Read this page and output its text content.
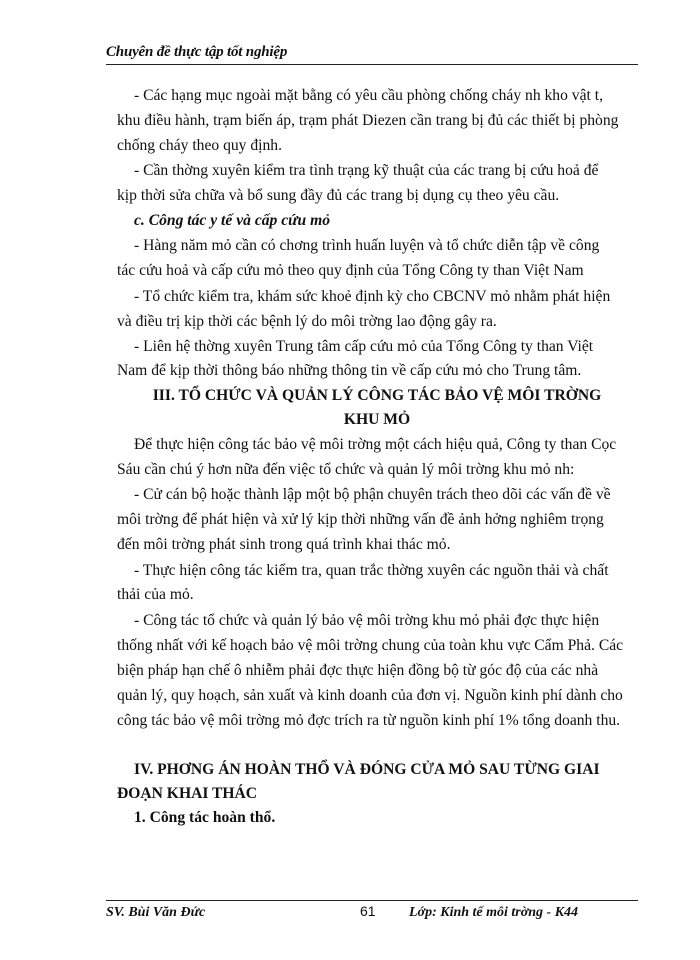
Chuyên đề thực tập tốt nghiệp
- Các hạng mục ngoài mặt bằng có yêu cầu phòng chống cháy nh kho vật t,
khu điều hành, trạm biến áp, trạm phát Diezen cần trang bị đủ các thiết bị phòng
chống cháy theo quy định.
- Cần thờng xuyên kiểm tra tình trạng kỹ thuật của các trang bị cứu hoả để
kịp thời sửa chữa và bổ sung đầy đủ các trang bị dụng cụ theo yêu cầu.
c. Công tác y tế và cấp cứu mỏ
- Hàng năm mỏ cần có chơng trình huấn luyện và tổ chức diễn tập về công
tác cứu hoả và cấp cứu mỏ theo quy định của Tổng Công ty than Việt Nam
- Tổ chức kiểm tra, khám sức khoẻ định kỳ cho CBCNV mỏ nhằm phát hiện
và điều trị kịp thời các bệnh lý do môi trờng lao động gây ra.
- Liên hệ thờng xuyên Trung tâm cấp cứu mỏ của Tổng Công ty than Việt
Nam để kịp thời thông báo những thông tin về cấp cứu mỏ cho Trung tâm.
III. TỔ CHỨC VÀ QUẢN LÝ CÔNG TÁC BẢO VỆ MÔI TRỜNG
KHU MỎ
Để thực hiện công tác bảo vệ môi trờng một cách hiệu quả, Công ty than Cọc
Sáu cần chú ý hơn nữa đến việc tổ chức và quản lý môi trờng khu mỏ nh:
- Cử cán bộ hoặc thành lập một bộ phận chuyên trách theo dõi các vấn đề về
môi trờng để phát hiện và xử lý kịp thời những vấn đề ảnh hởng nghiêm trọng
đến môi trờng phát sinh trong quá trình khai thác mỏ.
- Thực hiện công tác kiểm tra, quan trắc thờng xuyên các nguồn thải và chất
thải của mỏ.
- Công tác tổ chức và quản lý bảo vệ môi trờng khu mỏ phải đợc thực hiện
thống nhất với kế hoạch bảo vệ môi trờng chung của toàn khu vực Cẩm Phả. Các
biện pháp hạn chế ô nhiễm phải đợc thực hiện đồng bộ từ góc độ của các nhà
quản lý, quy hoạch, sản xuất và kinh doanh của đơn vị. Nguồn kinh phí dành cho
công tác bảo vệ môi trờng mỏ đợc trích ra từ nguồn kinh phí 1% tổng doanh thu.
IV. PHƠNG ÁN HOÀN THỔ VÀ ĐÓNG CỬA MỎ SAU TỪNG GIAI
ĐOẠN KHAI THÁC
1. Công tác hoàn thổ.
SV. Bùi Văn Đức	61 Lớp: Kinh tế môi trờng - K44
